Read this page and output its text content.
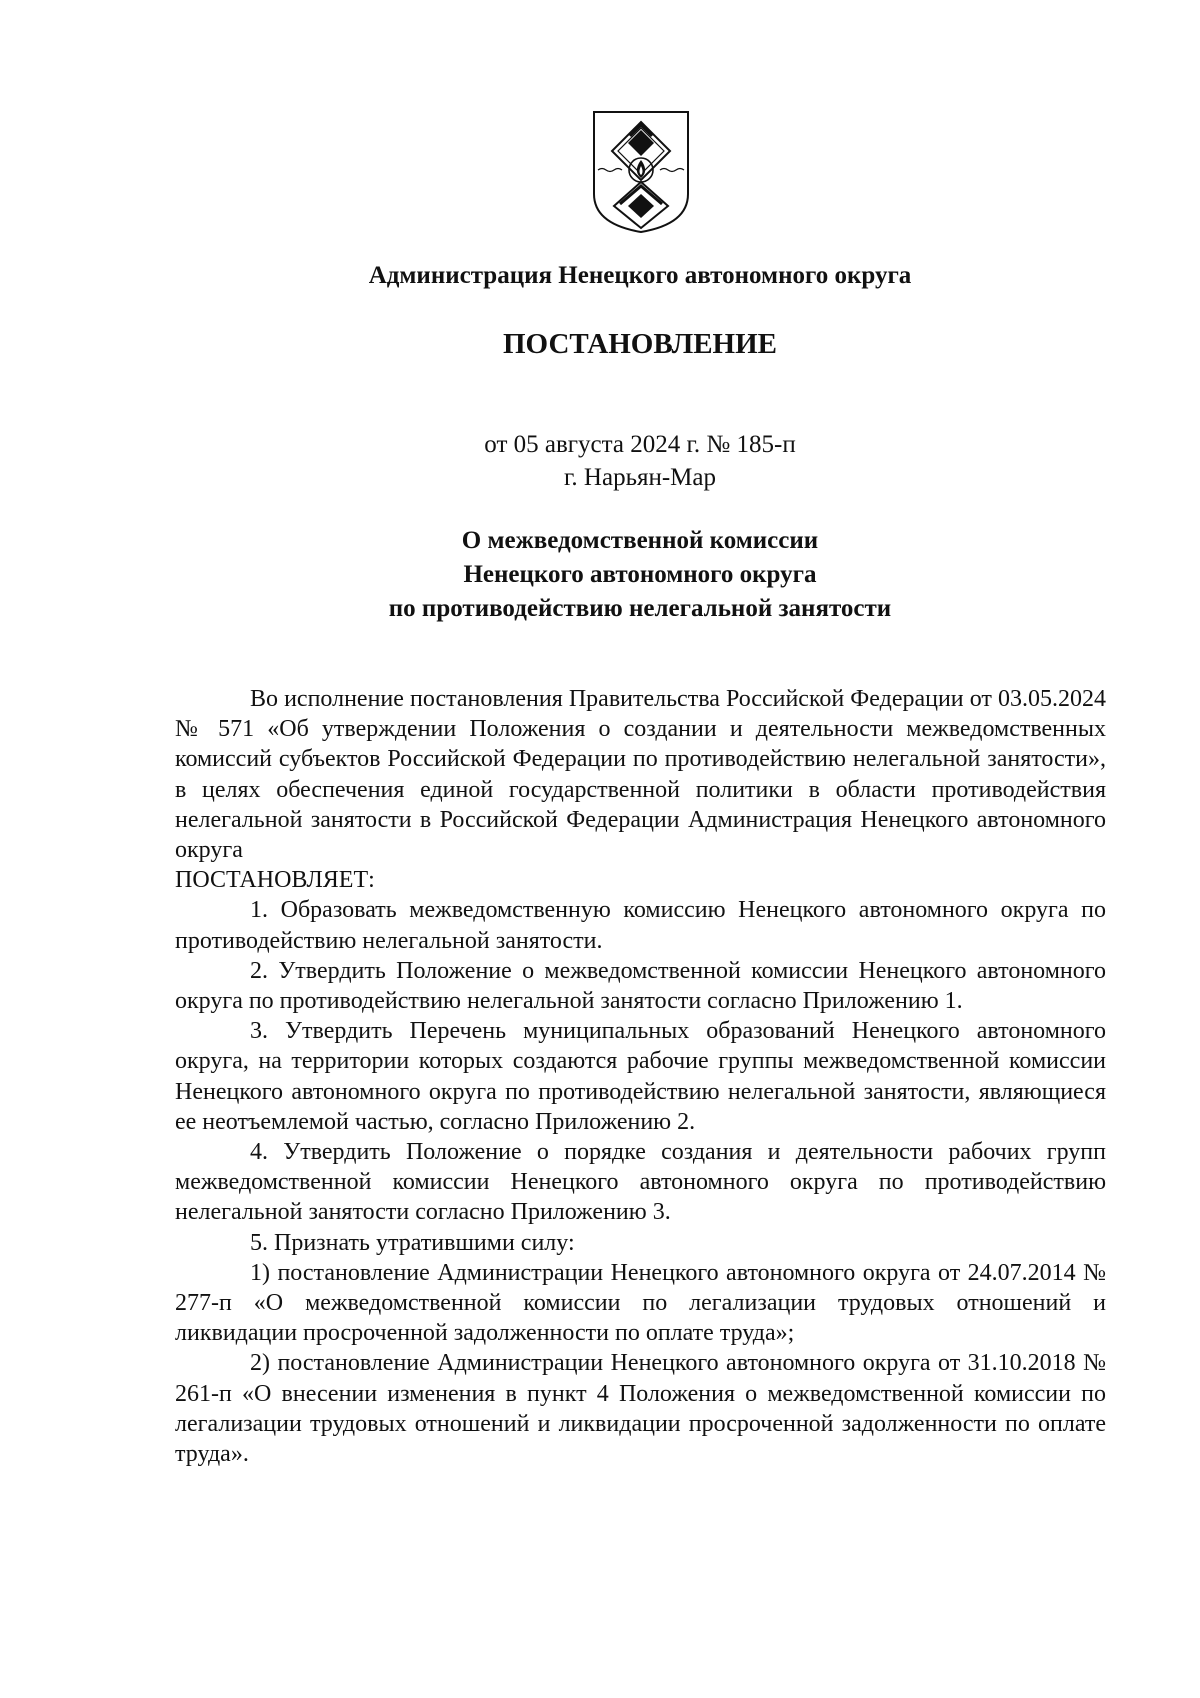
Администрация Ненецкого автономного округа
ПОСТАНОВЛЕНИЕ
от 05 августа 2024 г. № 185-п
г. Нарьян-Мар
О межведомственной комиссии
Ненецкого автономного округа
по противодействию нелегальной занятости

Во исполнение постановления Правительства Российской Федерации от 03.05.2024 № 571 «Об утверждении Положения о создании и деятельности межведомственных комиссий субъектов Российской Федерации по противодействию нелегальной занятости», в целях обеспечения единой государственной политики в области противодействия нелегальной занятости в Российской Федерации Администрация Ненецкого автономного округа

ПОСТАНОВЛЯЕТ:

1. Образовать межведомственную комиссию Ненецкого автономного округа по противодействию нелегальной занятости.

2. Утвердить Положение о межведомственной комиссии Ненецкого автономного округа по противодействию нелегальной занятости согласно Приложению 1.

3. Утвердить Перечень муниципальных образований Ненецкого автономного округа, на территории которых создаются рабочие группы межведомственной комиссии Ненецкого автономного округа по противодействию нелегальной занятости, являющиеся ее неотъемлемой частью, согласно Приложению 2.

4. Утвердить Положение о порядке создания и деятельности рабочих групп межведомственной комиссии Ненецкого автономного округа по противодействию нелегальной занятости согласно Приложению 3.

5. Признать утратившими силу:

1) постановление Администрации Ненецкого автономного округа от 24.07.2014 № 277-п «О межведомственной комиссии по легализации трудовых отношений и ликвидации просроченной задолженности по оплате труда»;

2) постановление Администрации Ненецкого автономного округа от 31.10.2018 № 261-п «О внесении изменения в пункт 4 Положения о межведомственной комиссии по легализации трудовых отношений и ликвидации просроченной задолженности по оплате труда».
